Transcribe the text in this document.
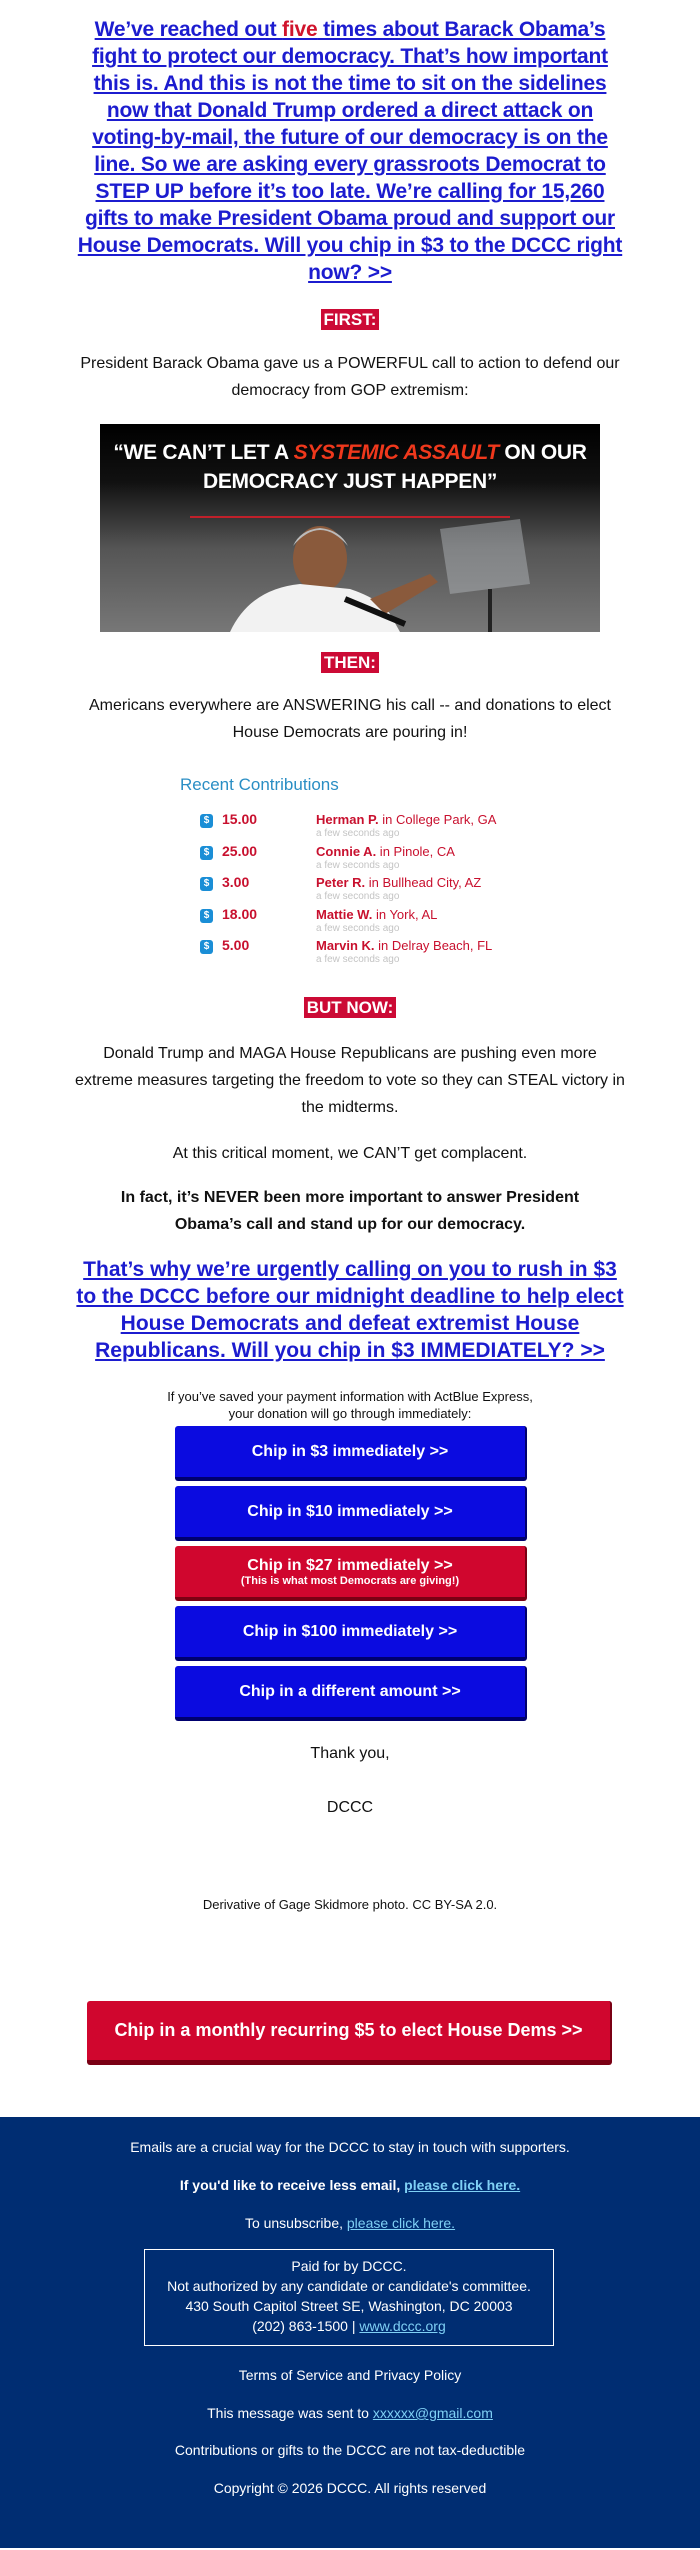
We’ve reached out five times about Barack Obama’s fight to protect our democracy. That’s how important this is. And this is not the time to sit on the sidelines now that Donald Trump ordered a direct attack on voting-by-mail, the future of our democracy is on the line. So we are asking every grassroots Democrat to STEP UP before it’s too late. We’re calling for 15,260 gifts to make President Obama proud and support our House Democrats. Will you chip in $3 to the DCCC right now? >>
FIRST:
President Barack Obama gave us a POWERFUL call to action to defend our democracy from GOP extremism:
“WE CAN’T LET A SYSTEMIC ASSAULT ON OUR DEMOCRACY JUST HAPPEN”
THEN:
Americans everywhere are ANSWERING his call -- and donations to elect House Democrats are pouring in!
Recent Contributions
$ 15.00	Herman P. in College Park, GA
a few seconds ago
$ 25.00	Connie A. in Pinole, CA
a few seconds ago
$ 3.00	Peter R. in Bullhead City, AZ
a few seconds ago
$ 18.00	Mattie W. in York, AL
a few seconds ago
$ 5.00	Marvin K. in Delray Beach, FL
a few seconds ago
BUT NOW:
Donald Trump and MAGA House Republicans are pushing even more extreme measures targeting the freedom to vote so they can STEAL victory in the midterms.
At this critical moment, we CAN’T get complacent.
In fact, it’s NEVER been more important to answer President Obama’s call and stand up for our democracy.
That’s why we’re urgently calling on you to rush in $3 to the DCCC before our midnight deadline to help elect House Democrats and defeat extremist House Republicans. Will you chip in $3 IMMEDIATELY? >>
If you’ve saved your payment information with ActBlue Express,
your donation will go through immediately:
Chip in $3 immediately >>
Chip in $10 immediately >>
Chip in $27 immediately >>
(This is what most Democrats are giving!)
Chip in $100 immediately >>
Chip in a different amount >>
Thank you,
DCCC
Derivative of Gage Skidmore photo. CC BY-SA 2.0.
Chip in a monthly recurring $5 to elect House Dems >>
Emails are a crucial way for the DCCC to stay in touch with supporters.
If you'd like to receive less email, please click here.
To unsubscribe, please click here.
Paid for by DCCC.
Not authorized by any candidate or candidate's committee.
430 South Capitol Street SE, Washington, DC 20003
(202) 863-1500 | www.dccc.org
Terms of Service and Privacy Policy
This message was sent to xxxxxx@gmail.com
Contributions or gifts to the DCCC are not tax-deductible
Copyright © 2026 DCCC. All rights reserved
